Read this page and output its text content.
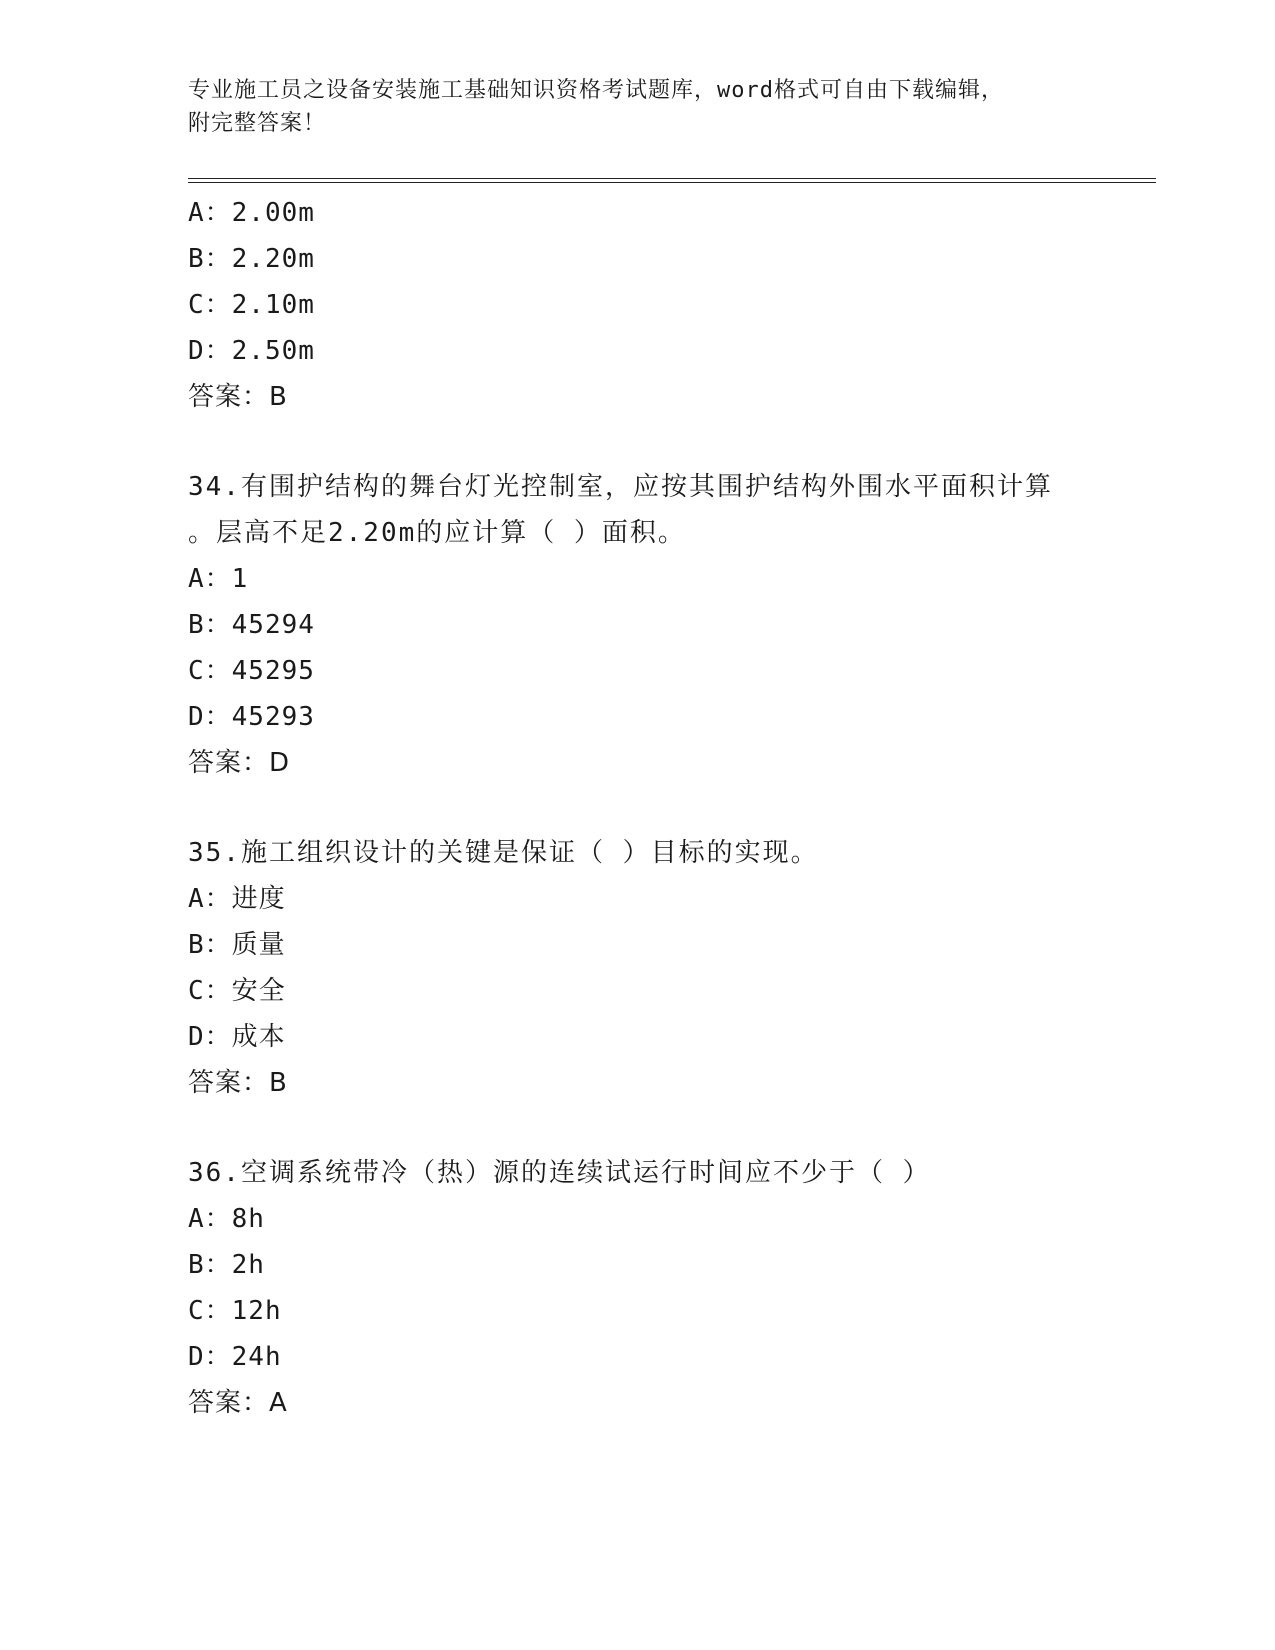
专业施工员之设备安装施工基础知识资格考试题库，word格式可自由下载编辑，
附完整答案！
A：2.00m
B：2.20m
C：2.10m
D：2.50m
答案：B
34.有围护结构的舞台灯光控制室，应按其围护结构外围水平面积计算
。层高不足2.20m的应计算（ ）面积。
A：1
B：45294
C：45295
D：45293
答案：D
35.施工组织设计的关键是保证（ ）目标的实现。
A：进度
B：质量
C：安全
D：成本
答案：B
36.空调系统带冷（热）源的连续试运行时间应不少于（ ）
A：8h
B：2h
C：12h
D：24h
答案：A
